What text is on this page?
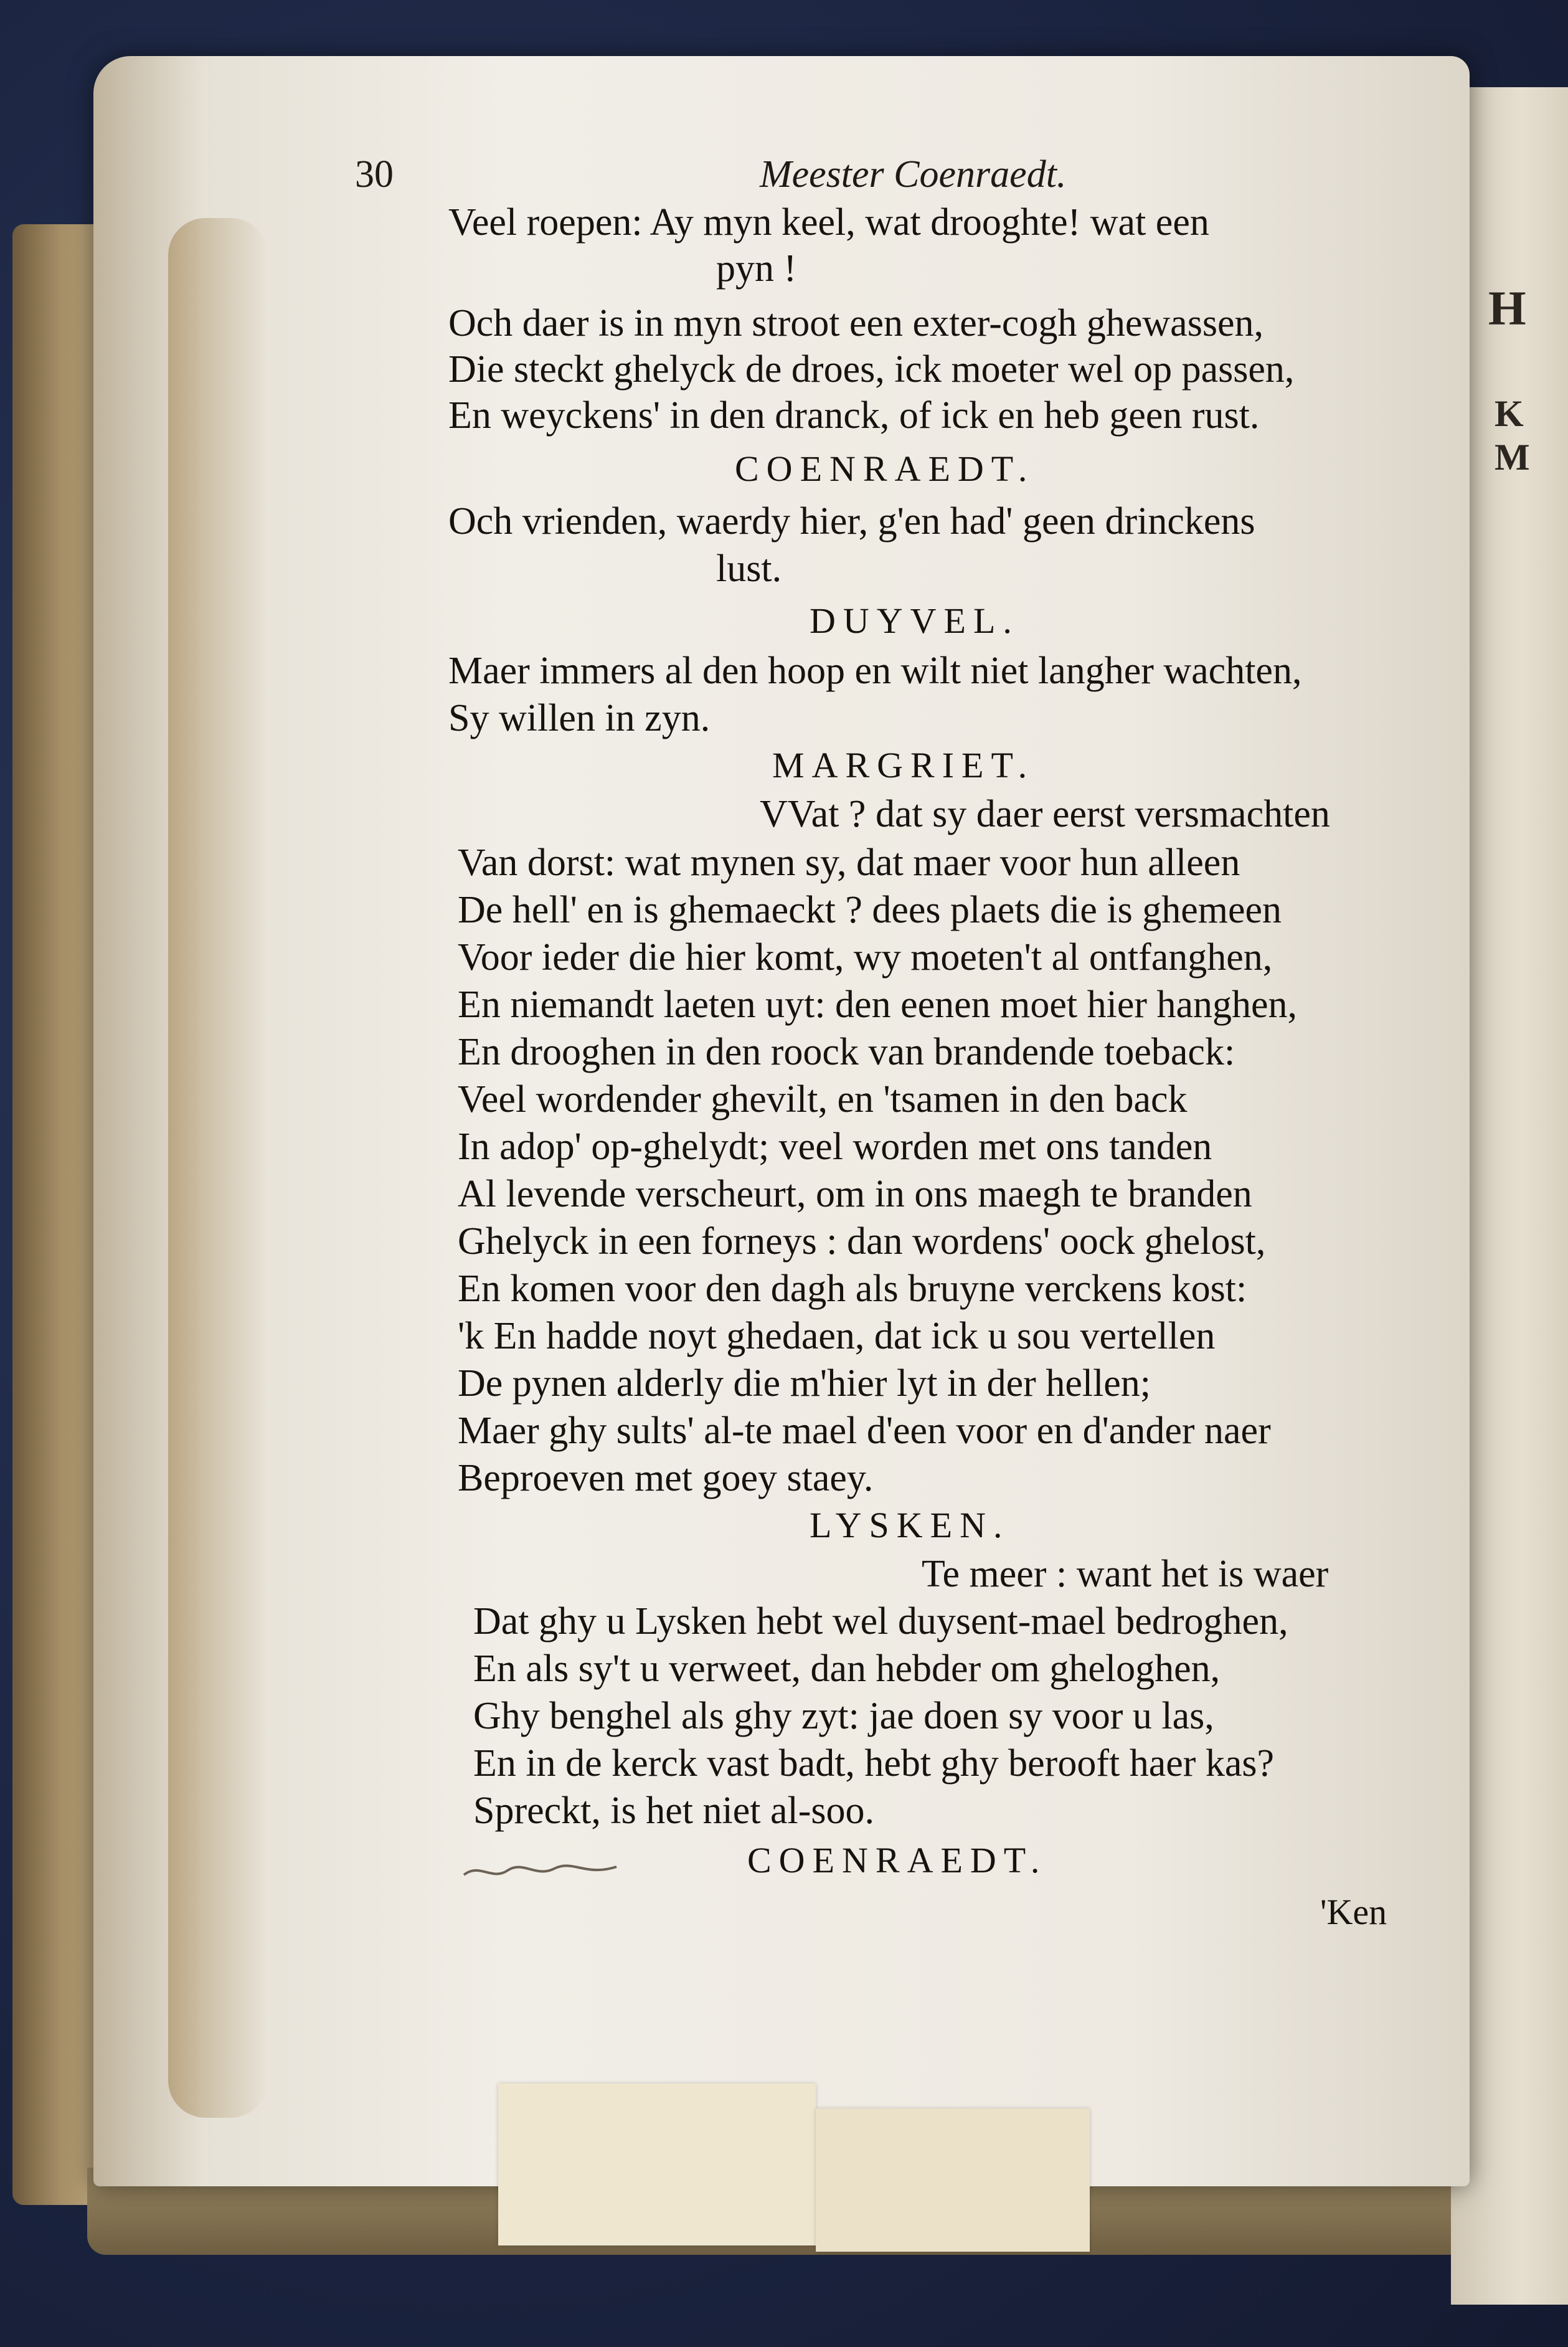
H
K
M
30	Meester Coenraedt.
Veel roepen: Ay myn keel, wat drooghte! wat een
pyn !
Och daer is in myn stroot een exter-cogh ghewassen,
Die steckt ghelyck de droes, ick moeter wel op passen,
En weyckens' in den dranck, of ick en heb geen rust.
COENRAEDT.
Och vrienden, waerdy hier, g'en had' geen drinckens
lust.
DUYVEL.
Maer immers al den hoop en wilt niet langher wachten,
Sy willen in zyn.
MARGRIET.
VVat ? dat sy daer eerst versmachten
Van dorst: wat mynen sy, dat maer voor hun alleen
De hell' en is ghemaeckt ? dees plaets die is ghemeen
Voor ieder die hier komt, wy moeten't al ontfanghen,
En niemandt laeten uyt: den eenen moet hier hanghen,
En drooghen in den roock van brandende toeback:
Veel wordender ghevilt, en 'tsamen in den back
In adop' op-ghelydt; veel worden met ons tanden
Al levende verscheurt, om in ons maegh te branden
Ghelyck in een forneys : dan wordens' oock ghelost,
En komen voor den dagh als bruyne verckens kost:
'k En hadde noyt ghedaen, dat ick u sou vertellen
De pynen alderly die m'hier lyt in der hellen;
Maer ghy sults' al-te mael d'een voor en d'ander naer
Beproeven met goey staey.
LYSKEN.
Te meer : want het is waer
Dat ghy u Lysken hebt wel duysent-mael bedroghen,
En als sy't u verweet, dan hebder om gheloghen,
Ghy benghel als ghy zyt: jae doen sy voor u las,
En in de kerck vast badt, hebt ghy berooft haer kas?
Spreckt, is het niet al-soo.
COENRAEDT.
'Ken
